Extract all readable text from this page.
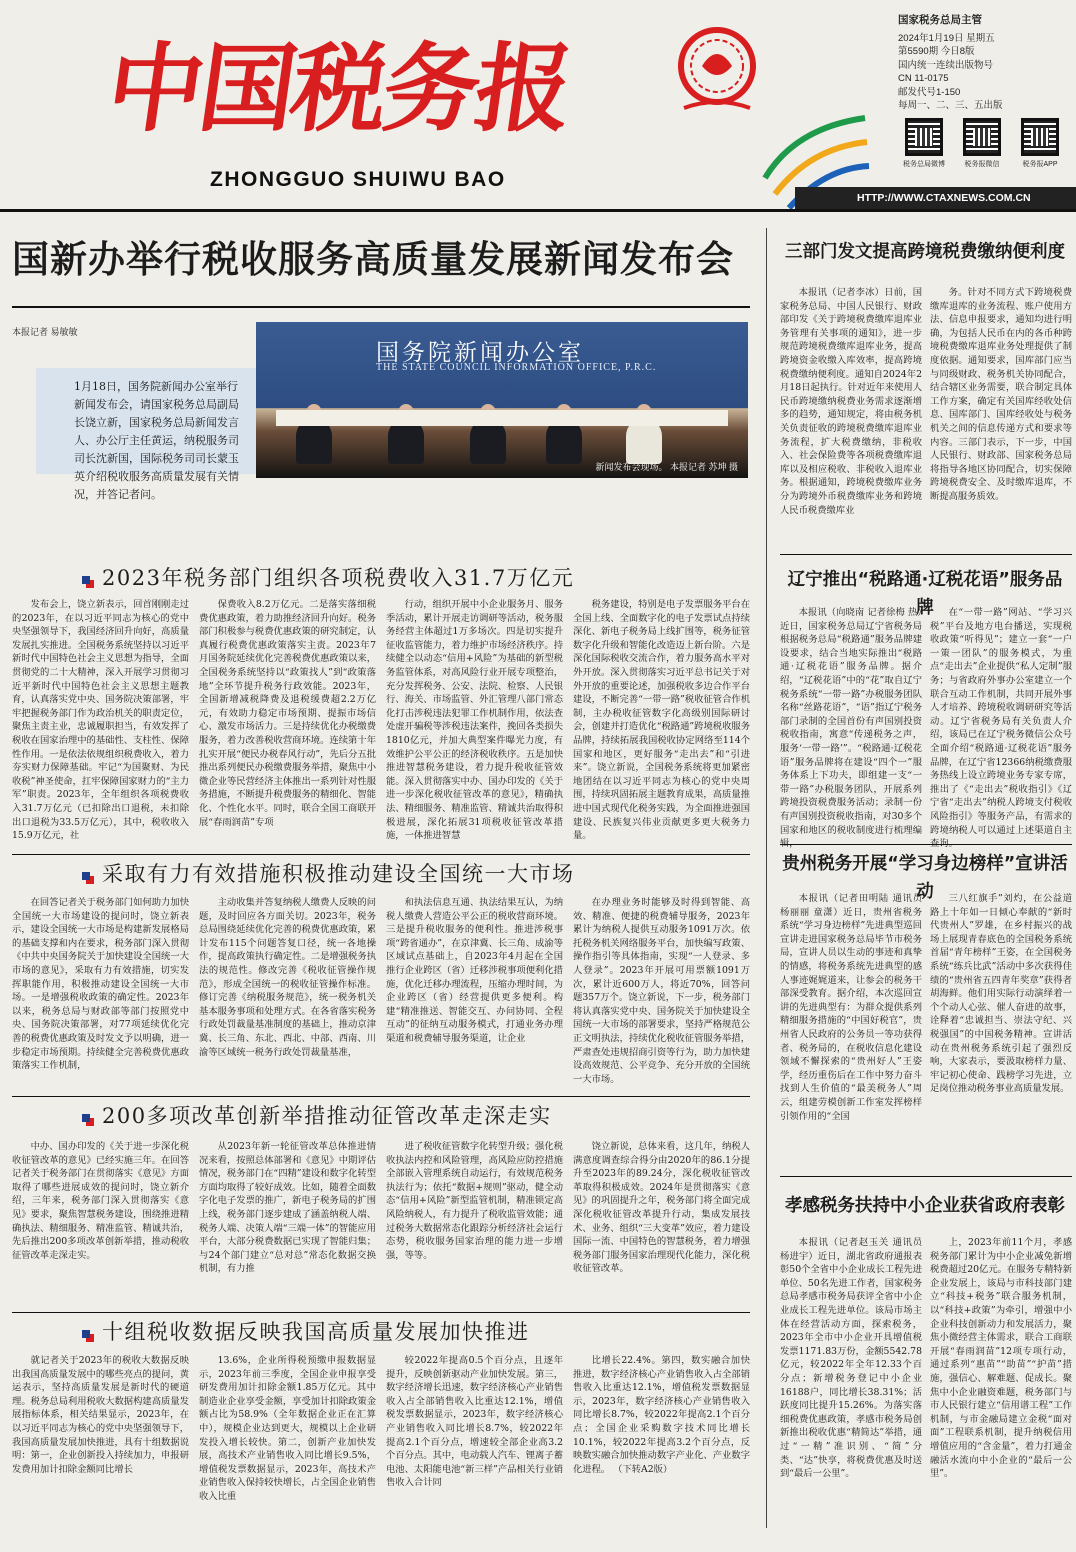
中国税务报
ZHONGGUO SHUIWU BAO
国家税务总局主管
2024年1月19日 星期五
第5590期 今日8版
国内统一连续出版物号
CN 11-0175
邮发代号1-150
每周一、二、三、五出版
税务总局微博	税务报微信	税务报APP
HTTP://WWW.CTAXNEWS.COM.CN
国新办举行税收服务高质量发展新闻发布会
本报记者 易敏敏
1月18日，国务院新闻办公室举行新闻发布会，请国家税务总局副局长饶立新，国家税务总局新闻发言人、办公厅主任黄运，纳税服务司司长沈新国，国际税务司司长蒙玉英介绍税收服务高质量发展有关情况，并答记者问。
国务院新闻办公室
THE STATE COUNCIL INFORMATION OFFICE, P.R.C.
新闻发布会现场。 本报记者 苏坤 摄
2023年税务部门组织各项税费收入31.7万亿元

发布会上，饶立新表示，回首刚刚走过的2023年，在以习近平同志为核心的党中央坚强领导下，我国经济回升向好，高质量发展扎实推进。全国税务系统坚持以习近平新时代中国特色社会主义思想为指导，全面贯彻党的二十大精神，深入开展学习贯彻习近平新时代中国特色社会主义思想主题教育，认真落实党中央、国务院决策部署，牢牢把握税务部门作为政治机关的职责定位，聚焦主责主业，忠诚履职担当，有效发挥了税收在国家治理中的基础性、支柱性、保障性作用。一是依法依规组织税费收入，着力夯实财力保障基础。牢记“为国聚财、为民收税”神圣使命，扛牢保障国家财力的“主力军”职责。2023年，全年组织各项税费收入31.7万亿元（已扣除出口退税，未扣除出口退税为33.5万亿元），其中，税收收入15.9万亿元，社

保费收入8.2万亿元。二是落实落细税费优惠政策，着力助推经济回升向好。税务部门积极参与税费优惠政策的研究制定，认真履行税费优惠政策落实主责。2023年7月国务院延续优化完善税费优惠政策以来，全国税务系统坚持以“政策找人”到“政策落地”全环节提升税务行政效能。2023年，全国新增减税降费及退税缓费超2.2万亿元，有效助力稳定市场预期、提振市场信心、激发市场活力。三是持续优化办税缴费服务，着力改善税收营商环境。连续第十年扎实开展“便民办税春风行动”，先后分五批推出系列便民办税缴费服务举措，聚焦中小微企业等民营经济主体推出一系列针对性服务措施，不断提升税费服务的精细化、智能化、个性化水平。同时，联合全国工商联开展“春雨润苗”专项

行动，组织开展中小企业服务月、服务季活动，累计开展走访调研等活动，税务服务经营主体超过1万多场次。四是切实提升征收监管能力，着力维护市场经济秩序。持续健全以动态“信用+风险”为基础的新型税务监管体系，对高风险行业开展专项整治，充分发挥税务、公安、法院、检察、人民银行、海关、市场监管、外汇管理八部门常态化打击涉税违法犯罪工作机制作用，依法查处虚开骗税等涉税违法案件，挽回各类损失1810亿元，并加大典型案件曝光力度，有效维护公平公正的经济税收秩序。五是加快推进智慧税务建设，着力提升税收征管效能。深入贯彻落实中办、国办印发的《关于进一步深化税收征管改革的意见》，精确执法、精细服务、精准监管、精诚共治取得积极进展，深化拓展31项税收征管改革措施，一体推进智慧

税务建设，特别是电子发票服务平台在全国上线、全面数字化的电子发票试点持续深化、新电子税务局上线扩围等，税务征管数字化升级和智能化改造迈上新台阶。六是深化国际税收交流合作，着力服务高水平对外开放。深入贯彻落实习近平总书记关于对外开放的重要论述，加强税收多边合作平台建设，不断完善“一带一路”税收征管合作机制，主办税收征管数字化高级别国际研讨会，创建并打造优化“税路通”跨境税收服务品牌，持续拓展我国税收协定网络至114个国家和地区，更好服务“走出去”和“引进来”。饶立新说，全国税务系统将更加紧密地团结在以习近平同志为核心的党中央周围，持续巩固拓展主题教育成果，高质量推进中国式现代化税务实践，为全面推进强国建设、民族复兴伟业贡献更多更大税务力量。

采取有力有效措施积极推动建设全国统一大市场

在回答记者关于税务部门如何助力加快全国统一大市场建设的提问时，饶立新表示，建设全国统一大市场是构建新发展格局的基础支撑和内在要求，税务部门深入贯彻《中共中央国务院关于加快建设全国统一大市场的意见》，采取有力有效措施，切实发挥职能作用，积极推动建设全国统一大市场。一是增强税收政策的确定性。2023年以来，税务总局与财政部等部门按照党中央、国务院决策部署，对77项延续优化完善的税费优惠政策及时发文予以明确，进一步稳定市场预期。持续健全完善税费优惠政策落实工作机制，

主动收集并答复纳税人缴费人反映的问题，及时回应各方面关切。2023年，税务总局围绕延续优化完善的税费优惠政策，累计发布115个问题答复口径，统一各地操作，提高政策执行确定性。二是增强税务执法的规范性。修改完善《税收征管操作规范》，形成全国统一的税收征管操作标准。修订完善《纳税服务规范》，统一税务机关基本服务事项和处理方式。在各省落实税务行政处罚裁量基准制度的基础上，推动京津冀、长三角、东北、西北、中部、西南、川渝等区域统一税务行政处罚裁量基准，

和执法信息互通、执法结果互认，为纳税人缴费人营造公平公正的税收营商环境。三是提升税收服务的便利性。推进涉税事项“跨省通办”，在京津冀、长三角、成渝等区域试点基础上，自2023年4月起在全国推行企业跨区（省）迁移涉税事项便利化措施，优化迁移办理流程，压缩办理时间，为企业跨区（省）经营提供更多便利。构建“精准推送、智能交互、办问协同、全程互动”的征纳互动服务模式，打通业务办理渠道和税费辅导服务渠道，让企业

在办理业务时能够及时得到智能、高效、精准、便捷的税费辅导服务，2023年累计为纳税人提供互动服务1091万次。依托税务机关网络服务平台，加快编写政策、操作指引等具体指南，实现“一人登录、多人登录”。2023年开展可用票额1091万次，累计近600万人，将近70%，回答问题357万个。饶立新说，下一步，税务部门将认真落实党中央、国务院关于加快建设全国统一大市场的部署要求，坚持严格规范公正文明执法，持续优化税收征管服务举措，严肃查处违规招商引资等行为，助力加快建设高效规范、公平竞争、充分开放的全国统一大市场。

200多项改革创新举措推动征管改革走深走实

中办、国办印发的《关于进一步深化税收征管改革的意见》已经实施三年。在回答记者关于税务部门在贯彻落实《意见》方面取得了哪些进展成效的提问时，饶立新介绍，三年来，税务部门深入贯彻落实《意见》要求，聚焦智慧税务建设，围绕推进精确执法、精细服务、精准监管、精诚共治，先后推出200多项改革创新举措，推动税收征管改革走深走实。

从2023年新一轮征管改革总体推进情况来看，按照总体部署和《意见》中期评估情况，税务部门在“四精”建设和数字化转型方面均取得了较好成效。比如，随着全面数字化电子发票的推广，新电子税务局的扩围上线，税务部门逐步建成了涵盖纳税人端、税务人端、决策人端“三端一体”的智能应用平台，大部分税费数据已实现了智能归集；与24个部门建立“总对总”常态化数据交换机制，有力推

进了税收征管数字化转型升级；强化税收执法内控和风险管理，高风险应防控措施全部嵌入管理系统自动运行，有效规范税务执法行为；依托“数据+规则”驱动，健全动态“信用+风险”新型监管机制，精准锁定高风险纳税人，有力提升了税收监管效能；通过税务大数据常态化跟踪分析经济社会运行态势，税收服务国家治理的能力进一步增强，等等。

饶立新说，总体来看，这几年，纳税人满意度调查综合得分由2020年的86.1分提升至2023年的89.24分，深化税收征管改革取得积极成效。2024年是贯彻落实《意见》的巩固提升之年，税务部门将全面完成深化税收征管改革提升行动，集成发展技术、业务、组织“三大变革”效应，着力建设国际一流、中国特色的智慧税务，着力增强税务部门服务国家治理现代化能力，深化税收征管改革。

十组税收数据反映我国高质量发展加快推进

就记者关于2023年的税收大数据反映出我国高质量发展中的哪些亮点的提问，黄运表示，坚持高质量发展是新时代的硬道理。税务总局利用税收大数据构建高质量发展指标体系，相关结果显示，2023年，在以习近平同志为核心的党中央坚强领导下，我国高质量发展加快推进，具有十组数据说明：第一，企业创新投入持续加力，申报研发费用加计扣除金额同比增长

13.6%，企业所得税预缴申报数据显示，2023年前三季度，全国企业申报享受研发费用加计扣除金额1.85万亿元。其中制造业企业享受金额，享受加计扣除政策金额占比为58.9%（全年数据企业正在汇算中），规模企业达到更大，规模以上企业研发投入增长较快。第二，创新产业加快发展，高技术产业销售收入同比增长9.5%，增值税发票数据显示，2023年，高技术产业销售收入保持较快增长，占全国企业销售收入比重

较2022年提高0.5个百分点，且逐年提升，反映创新驱动产业加快发展。第三，数字经济增长迅速，数字经济核心产业销售收入占全部销售收入比重达12.1%，增值税发票数据显示，2023年，数字经济核心产业销售收入同比增长8.7%，较2022年提高2.1个百分点，增速较全部企业高3.2个百分点。其中，电动载人汽车、锂离子蓄电池、太阳能电池“新三样”产品相关行业销售收入合计同

比增长22.4%。第四，数实融合加快推进，数字经济核心产业销售收入占全部销售收入比重达12.1%，增值税发票数据显示，2023年，数字经济核心产业销售收入同比增长8.7%，较2022年提高2.1个百分点；全国企业采购数字技术同比增长10.1%，较2022年提高3.2个百分点，反映数实融合加快推动数字产业化、产业数字化进程。 （下转A2版）

三部门发文提高跨境税费缴纳便利度

本报讯（记者李冰）日前，国家税务总局、中国人民银行、财政部印发《关于跨境税费缴库退库业务管理有关事项的通知》，进一步规范跨境税费缴库退库业务，提高跨境资金收缴入库效率，提高跨境税费缴纳便利度。通知自2024年2月18日起执行。针对近年来使用人民币跨境缴纳税费业务需求逐渐增多的趋势，通知规定，将由税务机关负责征收的跨境税费缴库退库业务流程，扩大税费缴纳，非税收入、社会保险费等各项税费缴库退库以及相应税收、非税收入退库业务。根据通知，跨境税费缴库业务分为跨境外币税费缴库业务和跨境人民币税费缴库业

务。针对不同方式下跨境税费缴库退库的业务流程、账户使用方法、信息申报要求，通知均进行明确，为包括人民币在内的各币种跨境税费缴库退库业务处理提供了制度依据。通知要求，国库部门应当与同级财政、税务机关协同配合，结合辖区业务需要，联合制定具体工作方案，确定有关国库经收处信息、国库部门、国库经收处与税务机关之间的信息传递方式和要求等内容。三部门表示，下一步，中国人民银行、财政部、国家税务总局将指导各地区协同配合，切实保障跨境税费安全、及时缴库退库，不断提高服务质效。

辽宁推出“税路通·辽税花语”服务品牌

本报讯（向晓南 记者徐梅 热）近日，国家税务总局辽宁省税务局根据税务总局“税路通”服务品牌建设要求，结合当地实际推出“税路通·辽税花语”服务品牌。据介绍，“辽税花语”中的“花”取自辽宁税务系统“一带一路”办税服务团队名称“丝路花语”，“语”指辽宁税务部门录制的全国首份有声国别投资税收指南，寓意“传递税务之声，服务‘一带一路’”。“税路通·辽税花语”服务品牌将在建设“四个一”服务体系上下功夫，即组建一支“一带一路”办税服务团队，开展系列跨境投资税费服务活动；录制一份有声国别投资税收指南，对30多个国家和地区的税收制度进行梳理编

在“一带一路”网站、“学习兴税”平台及地方电台播送，实现税收政策“听得见”；建立一套“一户一策一团队”的服务模式，为重点“走出去”企业提供“私人定制”服务；与省政府外事办公室建立一个联合互动工作机制，共同开展外事人才培养、跨境税收调研研究等活动。辽宁省税务局有关负责人介绍，该局已在辽宁税务微信公众号全面介绍“税路通·辽税花语”服务品牌，在辽宁省12366纳税缴费服务热线上设立跨境业务专家专席，推出了《“走出去”税收指引》《辽宁省“走出去”纳税人跨境支付税收风险指引》等服务产品，有需求的跨境纳税人可以通过上述渠道自主

贵州税务开展“学习身边榜样”宣讲活动

本报讯（记者田明陆 通讯员杨丽丽 童潇）近日，贵州省税务系统“学习身边榜样”先进典型巡回宣讲走进国家税务总局毕节市税务局，宣讲人员以生动的事迹和真挚的情感，将税务系统先进典型的感人事迹娓娓道来，让参会的税务干部深受教育。据介绍，本次巡回宣讲的先进典型有：为群众提供系列精细服务措施的“中国好税官”，贵州省人民政府的公务员一等功获得者、税务局的，在税收信息化建设领域不懈探索的“贵州好人”王姿学，经历重伤后在工作中努力奋斗找到人生价值的“最美税务人”周云，组建劳模创新工作室发挥榜样引领作用的“全国

三八红旗手”刘灼，在公益道路上十年如一日倾心奉献的“新时代贵州人”罗雄，在乡村振兴的战场上展现青春底色的全国税务系统首届“青年榜样”王姿，在全国税务系统“练兵比武”活动中多次获得佳绩的“贵州省五四青年奖章”获得者胡海鲜。他们用实际行动演绎着一个个动人心弦、催人奋进的故事，诠释着“忠诚担当、崇法守纪、兴税强国”的中国税务精神。宣讲活动在贵州税务系统引起了强烈反响，大家表示，要汲取榜样力量、牢记初心使命、践榜学习先进，立足岗位推动税务事业高质量发展。

孝感税务扶持中小企业获省政府表彰

本报讯（记者赵玉关 通讯员杨进宇）近日，湖北省政府通报表彰50个全省中小企业成长工程先进单位、50名先进工作者，国家税务总局孝感市税务局获评全省中小企业成长工程先进单位。该局市场主体在经营活动方面，探索税务，2023年全市中小企业开具增值税发票1171.83万份，金额5542.78亿元，较2022年全年12.33个百分点；新增税务登记中小企业16188户，同比增长38.31%；活跃度同比提升15.26%。为落实落细税费优惠政策，孝感市税务局创新推出税收优惠“精简达”举措，通过“一精”准识别、“简”分类、“达”快享，将税费优惠及时送到“最后一公里”。

上，2023年前11个月，孝感税务部门累计为中小企业减免新增税费超过20亿元。在服务专精特新企业发展上，该局与市科技部门建立“科技+税务”联合服务机制，以“科技+政策”为牵引，增强中小企业科技创新动力和发展活力，聚焦小微经营主体需求，联合工商联开展“春雨润苗”12项专项行动，通过系列“惠苗”“助苗”“护苗”措施，强信心、解难题、促成长。聚焦中小企业融资难题，税务部门与市人民银行建立“信用谱工程”工作机制，与市金融局建立金税“面对面”工程联系机制，提升纳税信用增值应用的“含金量”，着力打通金融活水流向中小企业的“最后一公里”。
